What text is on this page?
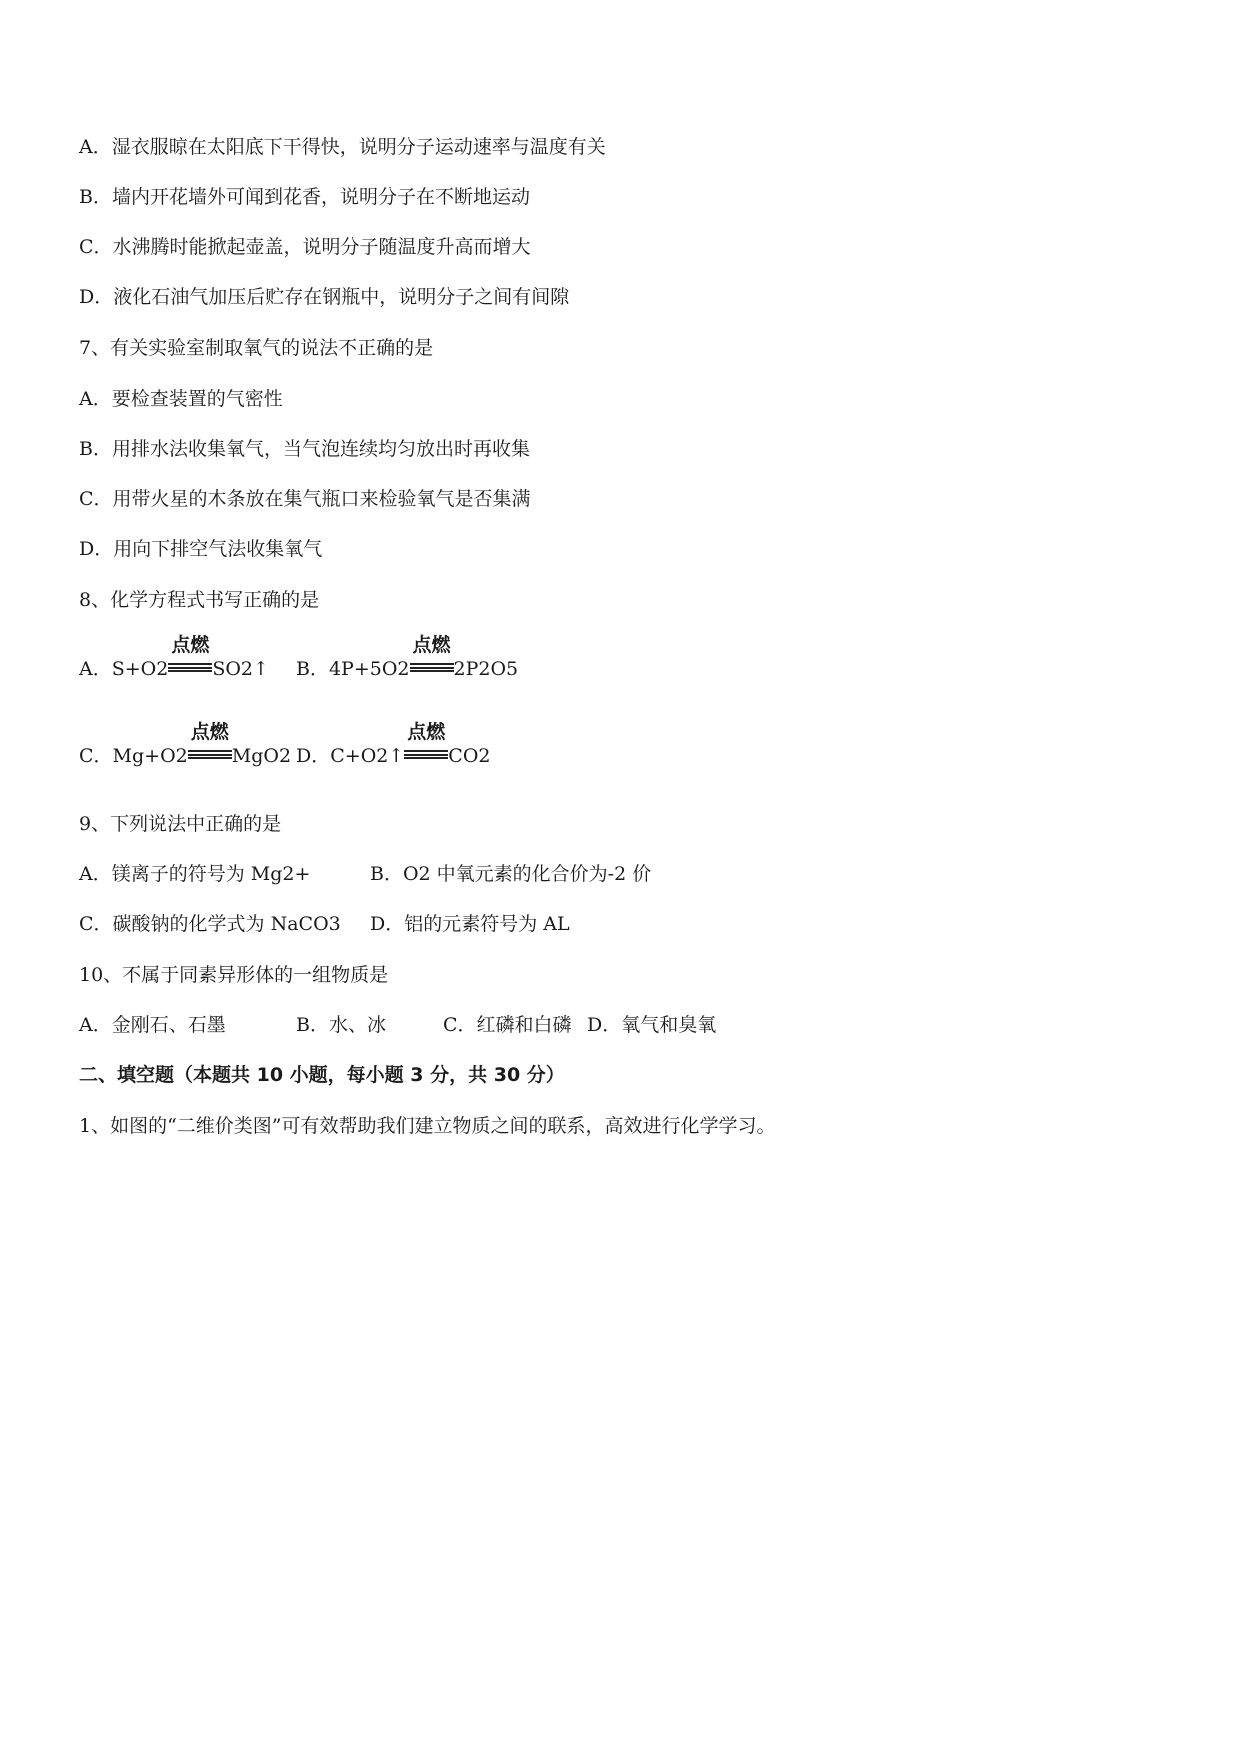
A．湿衣服晾在太阳底下干得快，说明分子运动速率与温度有关
B．墙内开花墙外可闻到花香，说明分子在不断地运动
C．水沸腾时能掀起壶盖，说明分子随温度升高而增大
D．液化石油气加压后贮存在钢瓶中，说明分子之间有间隙
7、有关实验室制取氧气的说法不正确的是
A．要检查装置的气密性
B．用排水法收集氧气，当气泡连续均匀放出时再收集
C．用带火星的木条放在集气瓶口来检验氧气是否集满
D．用向下排空气法收集氧气
8、化学方程式书写正确的是
A．S+O2
点燃
SO2↑ B．4P+5O2
点燃
2P2O5
C．Mg+O2
点燃
MgO2 D．C+O2↑
点燃
CO2
9、下列说法中正确的是
A．镁离子的符号为 Mg2+	B．O2 中氧元素的化合价为-2 价
C．碳酸钠的化学式为 NaCO3 D．铝的元素符号为 AL
10、不属于同素异形体的一组物质是
A．金刚石、石墨	B．水、冰	C．红磷和白磷 D．氧气和臭氧
二、填空题（本题共 10 小题，每小题 3 分，共 30 分）
1、如图的“二维价类图”可有效帮助我们建立物质之间的联系，高效进行化学学习。
